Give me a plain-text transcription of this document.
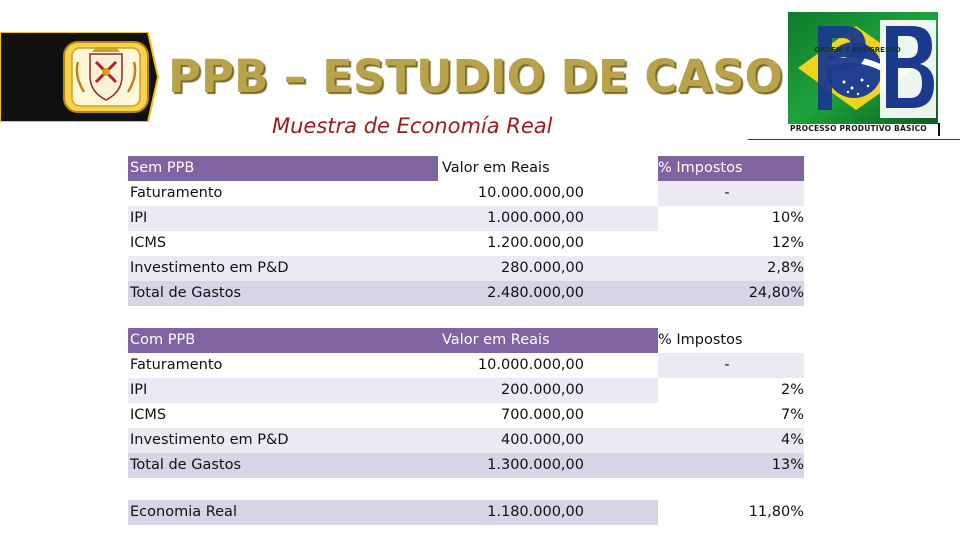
PPB – ESTUDIO DE CASO
Muestra de Economía Real
ORDEM E PROGRESSO
PROCESSO PRODUTIVO BÁSICO
Sem PPB	Valor em Reais	% Impostos
Faturamento	10.000.000,00	-
IPI	1.000.000,00	10%
ICMS	1.200.000,00	12%
Investimento em P&D	280.000,00	2,8%
Total de Gastos	2.480.000,00	24,80%
Com PPB	Valor em Reais	% Impostos
Faturamento	10.000.000,00	-
IPI	200.000,00	2%
ICMS	700.000,00	7%
Investimento em P&D	400.000,00	4%
Total de Gastos	1.300.000,00	13%
Economia Real	1.180.000,00	11,80%
